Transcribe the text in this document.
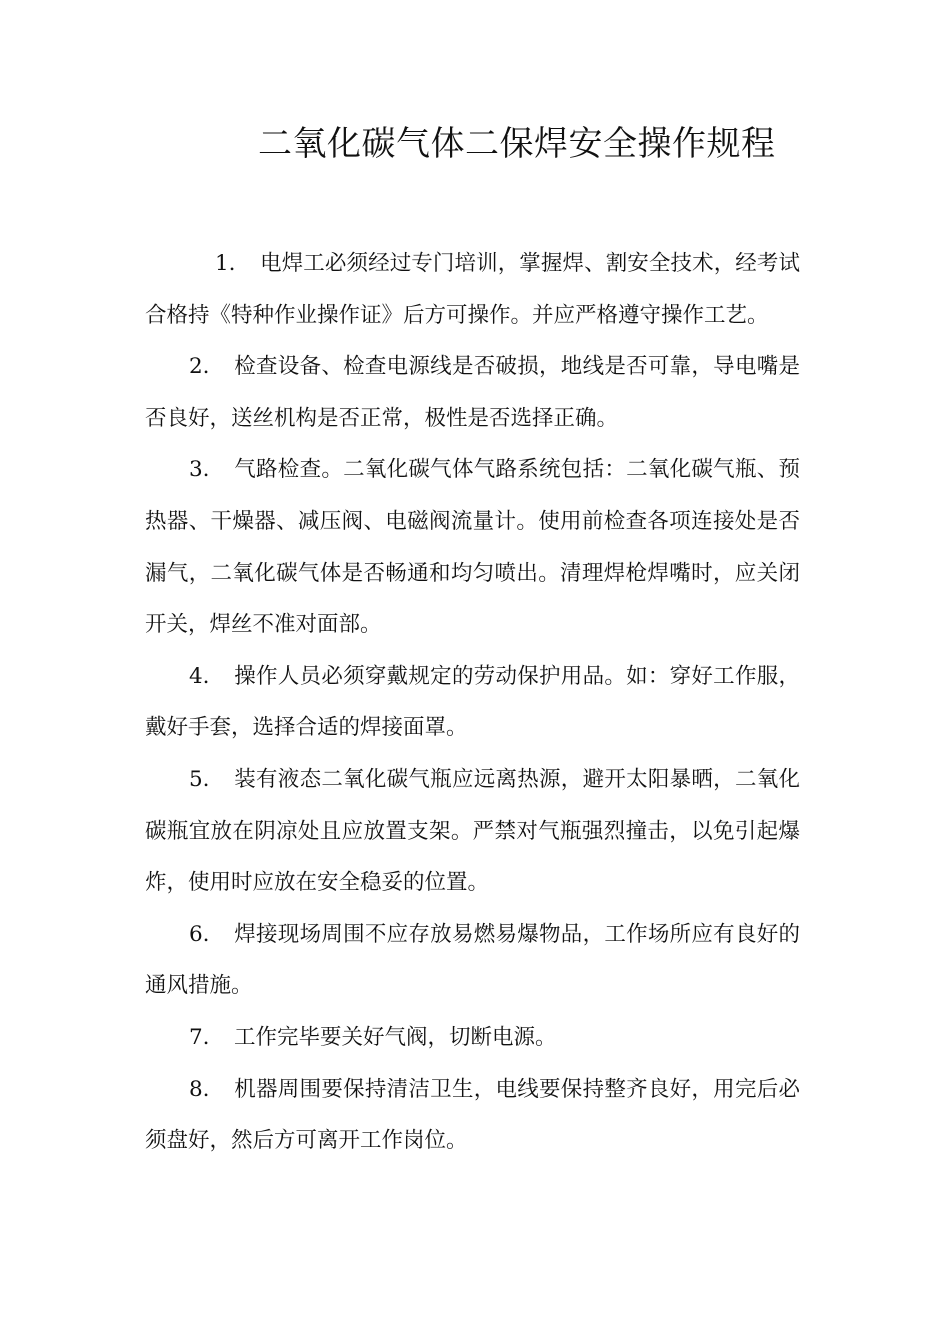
二氧化碳气体二保焊安全操作规程

1. 电焊工必须经过专门培训，掌握焊、割安全技术，经考试合格持《特种作业操作证》后方可操作。并应严格遵守操作工艺。

2. 检查设备、检查电源线是否破损，地线是否可靠，导电嘴是否良好，送丝机构是否正常，极性是否选择正确。

3. 气路检查。二氧化碳气体气路系统包括：二氧化碳气瓶、预热器、干燥器、减压阀、电磁阀流量计。使用前检查各项连接处是否漏气，二氧化碳气体是否畅通和均匀喷出。清理焊枪焊嘴时，应关闭开关，焊丝不准对面部。

4. 操作人员必须穿戴规定的劳动保护用品。如：穿好工作服，戴好手套，选择合适的焊接面罩。

5. 装有液态二氧化碳气瓶应远离热源，避开太阳暴晒，二氧化碳瓶宜放在阴凉处且应放置支架。严禁对气瓶强烈撞击，以免引起爆炸，使用时应放在安全稳妥的位置。

6. 焊接现场周围不应存放易燃易爆物品，工作场所应有良好的通风措施。

7. 工作完毕要关好气阀，切断电源。

8. 机器周围要保持清洁卫生，电线要保持整齐良好，用完后必须盘好，然后方可离开工作岗位。
